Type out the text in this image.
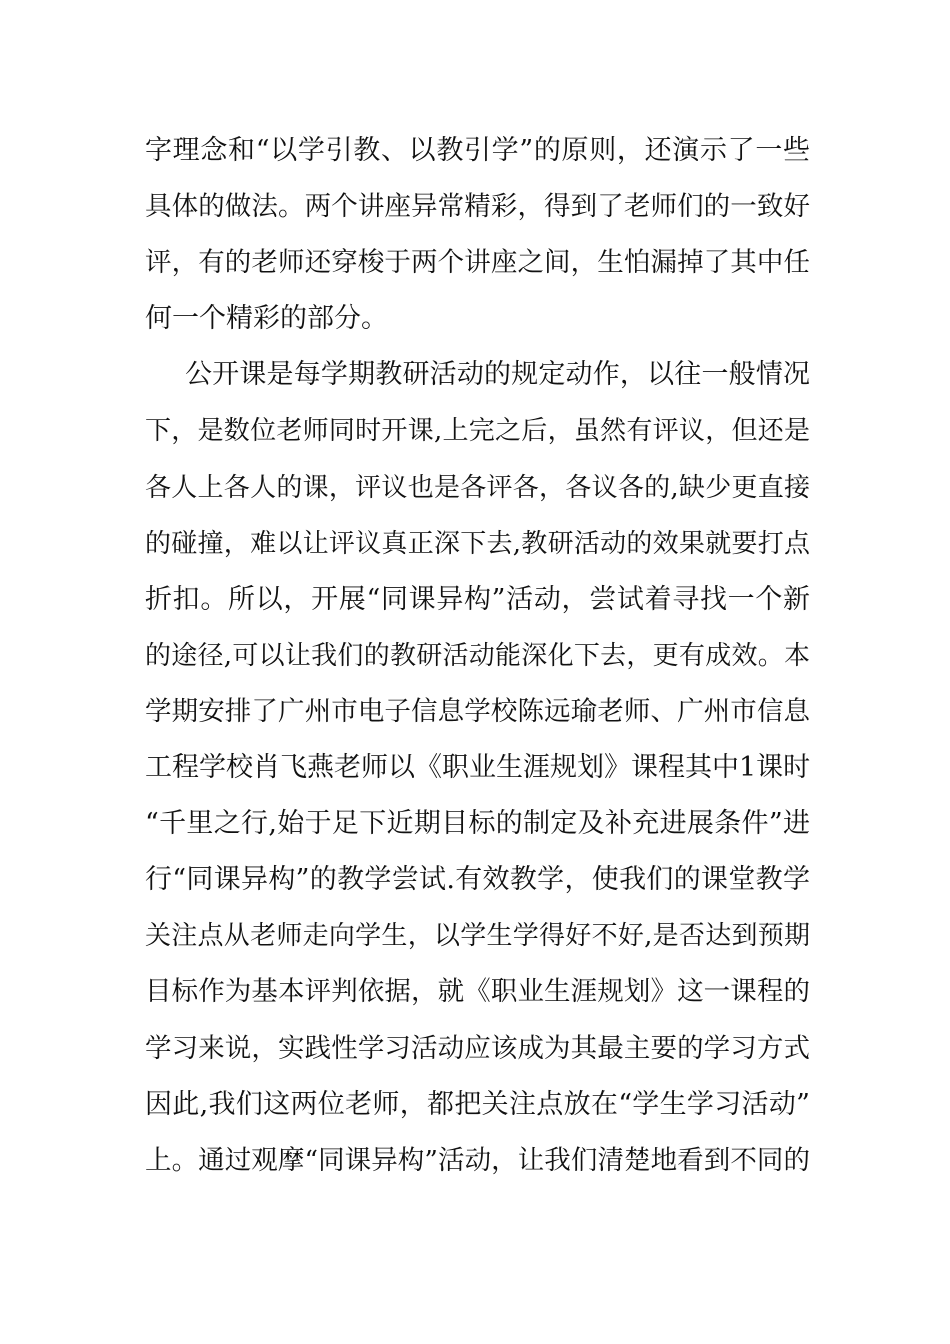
字理念和“以学引教、以教引学”的原则，还演示了一些
具体的做法。两个讲座异常精彩，得到了老师们的一致好
评，有的老师还穿梭于两个讲座之间，生怕漏掉了其中任
何一个精彩的部分。
公开课是每学期教研活动的规定动作，以往一般情况
下，是数位老师同时开课,上完之后，虽然有评议，但还是
各人上各人的课，评议也是各评各，各议各的,缺少更直接
的碰撞，难以让评议真正深下去,教研活动的效果就要打点
折扣。所以，开展“同课异构”活动，尝试着寻找一个新
的途径,可以让我们的教研活动能深化下去，更有成效。本
学期安排了广州市电子信息学校陈远瑜老师、广州市信息
工程学校肖飞燕老师以《职业生涯规划》课程其中1课时
“千里之行,始于足下近期目标的制定及补充进展条件”进
行“同课异构”的教学尝试.有效教学，使我们的课堂教学
关注点从老师走向学生，以学生学得好不好,是否达到预期
目标作为基本评判依据，就《职业生涯规划》这一课程的
学习来说，实践性学习活动应该成为其最主要的学习方式
因此,我们这两位老师，都把关注点放在“学生学习活动”
上。通过观摩“同课异构”活动，让我们清楚地看到不同的
